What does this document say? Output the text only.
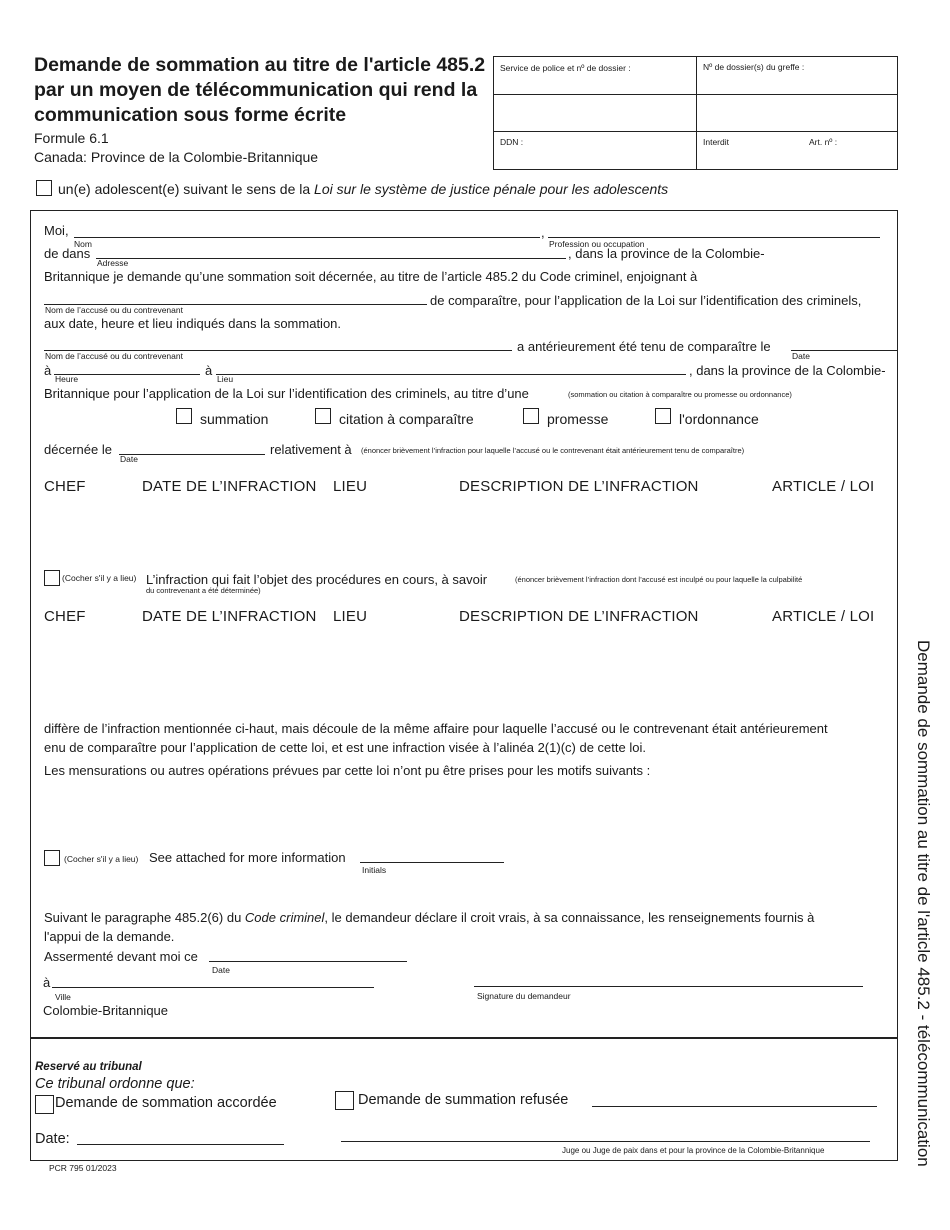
Demande de sommation au titre de l'article 485.2
par un moyen de télécommunication qui rend la
communication sous forme écrite
Formule 6.1
Canada: Province de la Colombie-Britannique
Service de police et nº de dossier :	Nº de dossier(s) du greffe :
DDN :	Interdit	Art. nº :
un(e) adolescent(e) suivant le sens de la Loi sur le système de justice pénale pour les adolescents
Moi,
Nom
,
Profession ou occupation
de dans
Adresse
, dans la province de la Colombie-
Britannique je demande qu’une sommation soit décernée, au titre de l’article 485.2 du Code criminel, enjoignant à
Nom de l’accusé ou du contrevenant
de comparaître, pour l’application de la Loi sur l’identification des criminels,
aux date, heure et lieu indiqués dans la sommation.
Nom de l’accusé ou du contrevenant
a antérieurement été tenu de comparaître le
Date
à
Heure
à
Lieu
, dans la province de la Colombie-
Britannique pour l’application de la Loi sur l’identification des criminels, au titre d’une	(sommation ou citation à comparaître ou promesse ou ordonnance)
summation	citation à comparaître	promesse	l'ordonnance
décernée le
Date
relativement à (énoncer brièvement l’infraction pour laquelle l’accusé ou le contrevenant était antérieurement tenu de comparaître)
CHEF	DATE DE L’INFRACTION LIEU	DESCRIPTION DE L’INFRACTION	ARTICLE / LOI
(Cocher s'il y a lieu) L’infraction qui fait l’objet des procédures en cours, à savoir	(énoncer brièvement l’infraction dont l’accusé est inculpé ou pour laquelle la culpabilité
du contrevenant a été déterminée)
CHEF	DATE DE L’INFRACTION LIEU	DESCRIPTION DE L’INFRACTION	ARTICLE / LOI
diffère de l’infraction mentionnée ci-haut, mais découle de la même affaire pour laquelle l’accusé ou le contrevenant était antérieurement
enu de comparaître pour l’application de cette loi, et est une infraction visée à l’alinéa 2(1)(c) de cette loi.
Les mensurations ou autres opérations prévues par cette loi n’ont pu être prises pour les motifs suivants :
(Cocher s'il y a lieu) See attached for more information
Initials
Suivant le paragraphe 485.2(6) du Code criminel, le demandeur déclare il croit vrais, à sa connaissance, les renseignements fournis à
l'appui de la demande.
Assermenté devant moi ce
Date
à
Ville
Colombie-Britannique
Signature du demandeur
Reservé au tribunal
Ce tribunal ordonne que:
Demande de sommation accordée	Demande de summation refusée
Date:
Juge ou Juge de paix dans et pour la province de la Colombie-Britannique	Demande de sommation au titre de l'article 485.2 - télécommunication
PCR 795 01/2023
